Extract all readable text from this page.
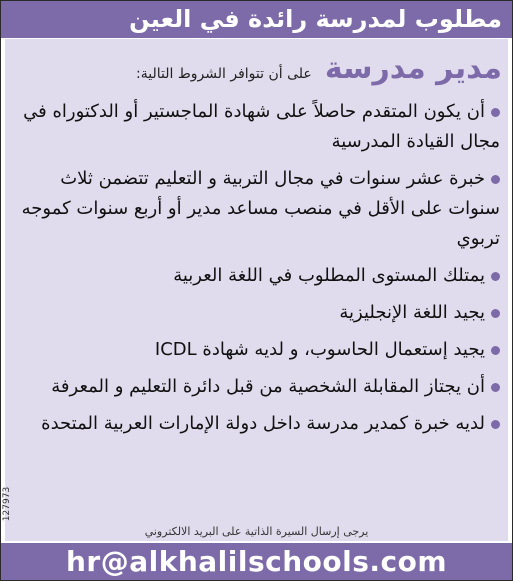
مطلوب لمدرسة رائدة في العين
مدير مدرسة على أن تتوافر الشروط التالية:
أن يكون المتقدم حاصلاً على شهادة الماجستير أو الدكتوراه في مجال القيادة المدرسية
خبرة عشر سنوات في مجال التربية و التعليم تتضمن ثلاث سنوات على الأقل في منصب مساعد مدير أو أربع سنوات كموجه تربوي
يمتلك المستوى المطلوب في اللغة العربية
يجيد اللغة الإنجليزية
يجيد إستعمال الحاسوب، و لديه شهادة ICDL
أن يجتاز المقابلة الشخصية من قبل دائرة التعليم و المعرفة
لديه خبرة كمدير مدرسة داخل دولة الإمارات العربية المتحدة
127973
يرجى إرسال السيرة الذاتية على البريد الالكتروني
hr@alkhalilschools.com
